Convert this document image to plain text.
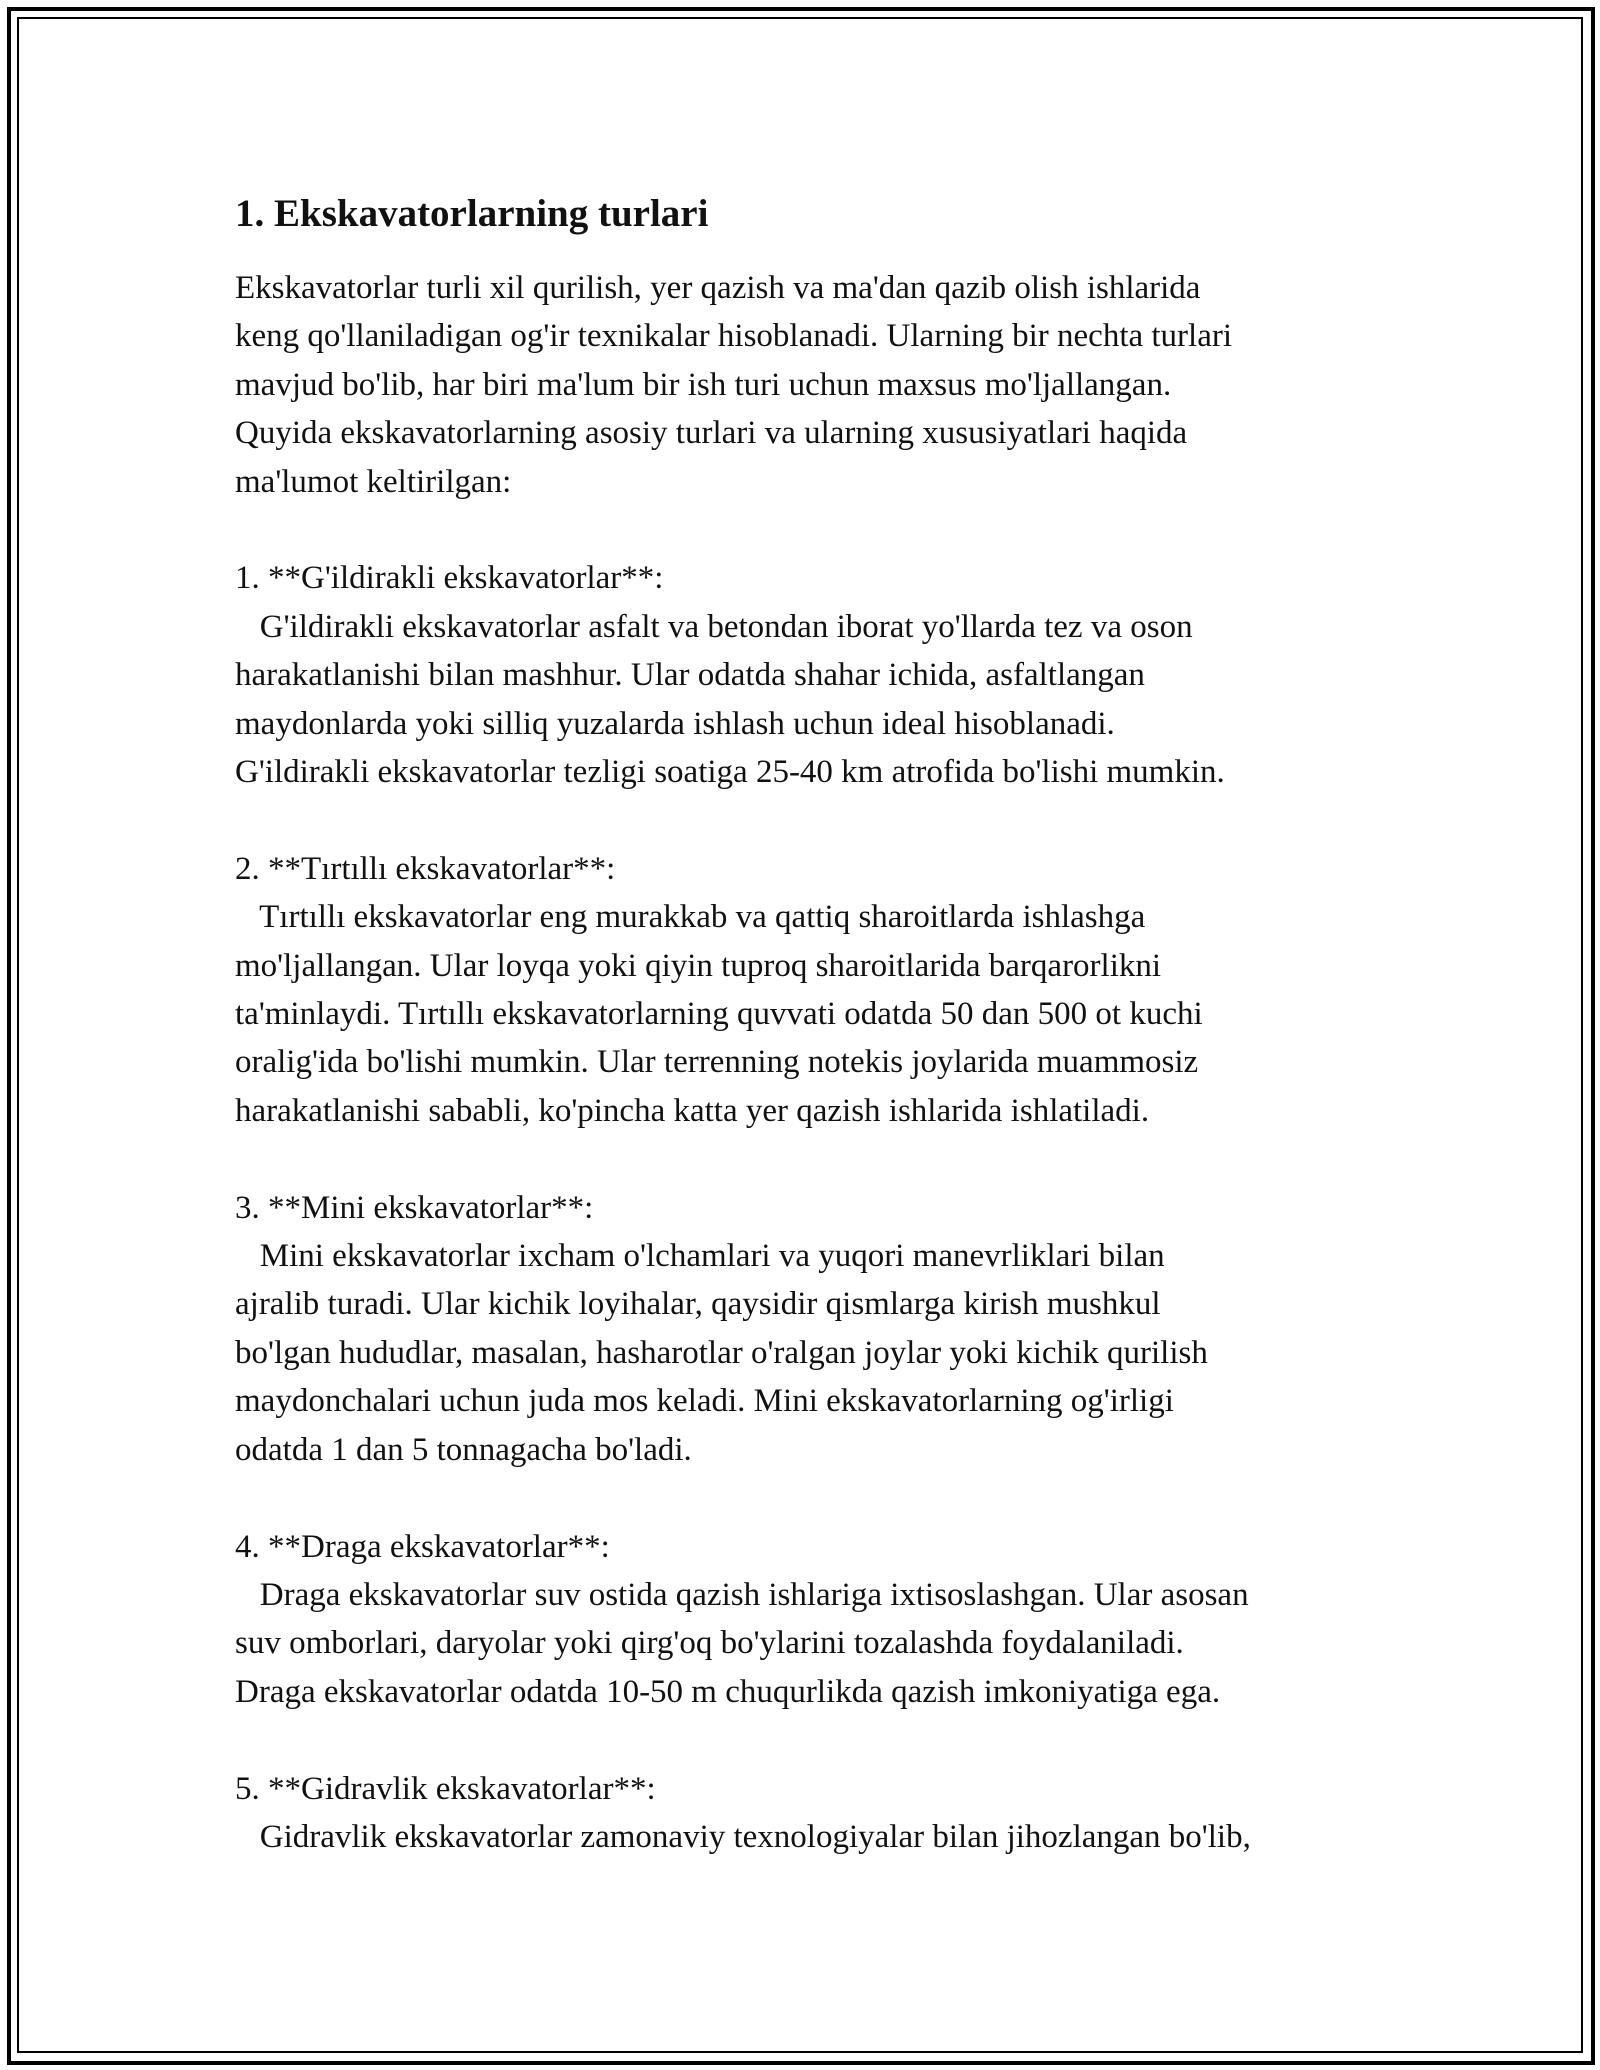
1. Ekskavatorlarning turlari
Ekskavatorlar turli xil qurilish, yer qazish va ma'dan qazib olish ishlarida
keng qo'llaniladigan og'ir texnikalar hisoblanadi. Ularning bir nechta turlari
mavjud bo'lib, har biri ma'lum bir ish turi uchun maxsus mo'ljallangan.
Quyida ekskavatorlarning asosiy turlari va ularning xususiyatlari haqida
ma'lumot keltirilgan:
1. **G'ildirakli ekskavatorlar**:
G'ildirakli ekskavatorlar asfalt va betondan iborat yo'llarda tez va oson
harakatlanishi bilan mashhur. Ular odatda shahar ichida, asfaltlangan
maydonlarda yoki silliq yuzalarda ishlash uchun ideal hisoblanadi.
G'ildirakli ekskavatorlar tezligi soatiga 25-40 km atrofida bo'lishi mumkin.
2. **Tırtıllı ekskavatorlar**:
Tırtıllı ekskavatorlar eng murakkab va qattiq sharoitlarda ishlashga
mo'ljallangan. Ular loyqa yoki qiyin tuproq sharoitlarida barqarorlikni
ta'minlaydi. Tırtıllı ekskavatorlarning quvvati odatda 50 dan 500 ot kuchi
oralig'ida bo'lishi mumkin. Ular terrenning notekis joylarida muammosiz
harakatlanishi sababli, ko'pincha katta yer qazish ishlarida ishlatiladi.
3. **Mini ekskavatorlar**:
Mini ekskavatorlar ixcham o'lchamlari va yuqori manevrliklari bilan
ajralib turadi. Ular kichik loyihalar, qaysidir qismlarga kirish mushkul
bo'lgan hududlar, masalan, hasharotlar o'ralgan joylar yoki kichik qurilish
maydonchalari uchun juda mos keladi. Mini ekskavatorlarning og'irligi
odatda 1 dan 5 tonnagacha bo'ladi.
4. **Draga ekskavatorlar**:
Draga ekskavatorlar suv ostida qazish ishlariga ixtisoslashgan. Ular asosan
suv omborlari, daryolar yoki qirg'oq bo'ylarini tozalashda foydalaniladi.
Draga ekskavatorlar odatda 10-50 m chuqurlikda qazish imkoniyatiga ega.
5. **Gidravlik ekskavatorlar**:
Gidravlik ekskavatorlar zamonaviy texnologiyalar bilan jihozlangan bo'lib,
